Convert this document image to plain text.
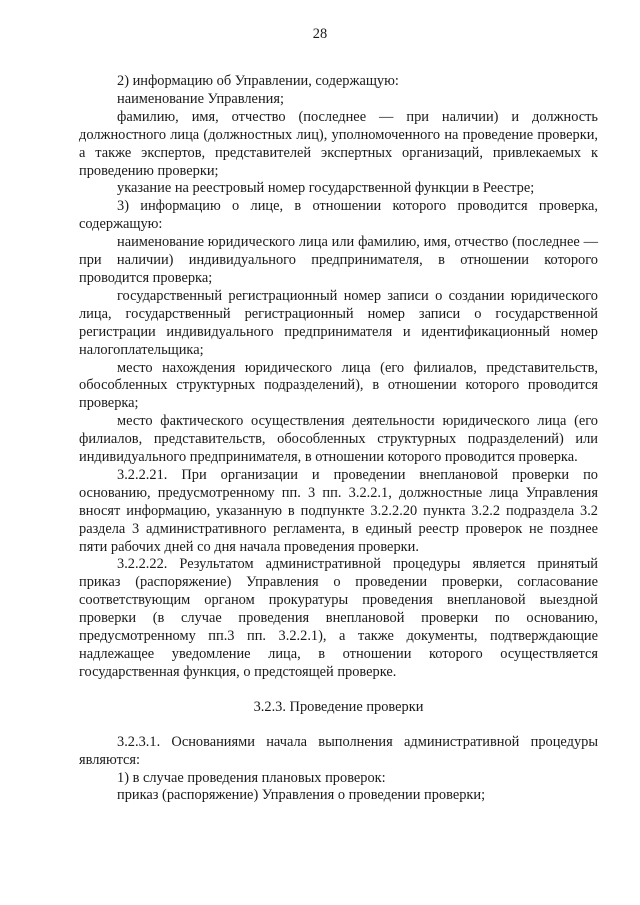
28

2) информацию об Управлении, содержащую:

наименование Управления;

фамилию, имя, отчество (последнее — при наличии) и должность должностного лица (должностных лиц), уполномоченного на проведение проверки, а также экспертов, представителей экспертных организаций, привлекаемых к проведению проверки;

указание на реестровый номер государственной функции в Реестре;

3) информацию о лице, в отношении которого проводится проверка, содержащую:

наименование юридического лица или фамилию, имя, отчество (последнее — при наличии) индивидуального предпринимателя, в отношении которого проводится проверка;

государственный регистрационный номер записи о создании юридического лица, государственный регистрационный номер записи о государственной регистрации индивидуального предпринимателя и идентификационный номер налогоплательщика;

место нахождения юридического лица (его филиалов, представительств, обособленных структурных подразделений), в отношении которого проводится проверка;

место фактического осуществления деятельности юридического лица (его филиалов, представительств, обособленных структурных подразделений) или индивидуального предпринимателя, в отношении которого проводится проверка.

3.2.2.21. При организации и проведении внеплановой проверки по основанию, предусмотренному пп. 3 пп. 3.2.2.1, должностные лица Управления вносят информацию, указанную в подпункте 3.2.2.20 пункта 3.2.2 подраздела 3.2 раздела 3 административного регламента, в единый реестр проверок не позднее пяти рабочих дней со дня начала проведения проверки.

3.2.2.22. Результатом административной процедуры является принятый приказ (распоряжение) Управления о проведении проверки, согласование соответствующим органом прокуратуры проведения внеплановой выездной проверки (в случае проведения внеплановой проверки по основанию, предусмотренному пп.3 пп. 3.2.2.1), а также документы, подтверждающие надлежащее уведомление лица, в отношении которого осуществляется государственная функция, о предстоящей проверке.

3.2.3. Проведение проверки

3.2.3.1. Основаниями начала выполнения административной процедуры являются:

1) в случае проведения плановых проверок:

приказ (распоряжение) Управления о проведении проверки;
